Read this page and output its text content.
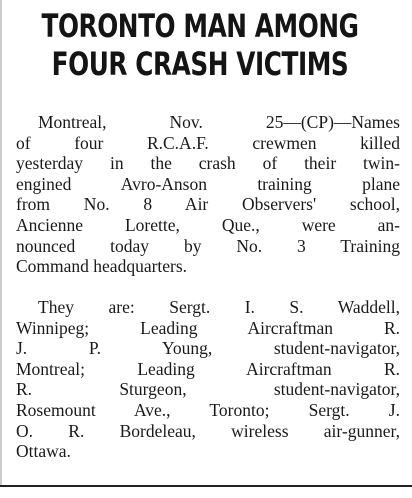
TORONTO MAN AMONG
FOUR CRASH VICTIMS
Montreal, Nov. 25—(CP)—Names
of four R.C.A.F. crewmen killed
yesterday in the crash of their twin-
engined Avro-Anson training plane
from No. 8 Air Observers' school,
Ancienne Lorette, Que., were an-
nounced today by No. 3 Training
Command headquarters.
They are: Sergt. I. S. Waddell,
Winnipeg; Leading Aircraftman R.
J. P. Young, student-navigator,
Montreal; Leading Aircraftman R.
R. Sturgeon, student-navigator,
Rosemount Ave., Toronto; Sergt. J.
O. R. Bordeleau, wireless air-gunner,
Ottawa.
